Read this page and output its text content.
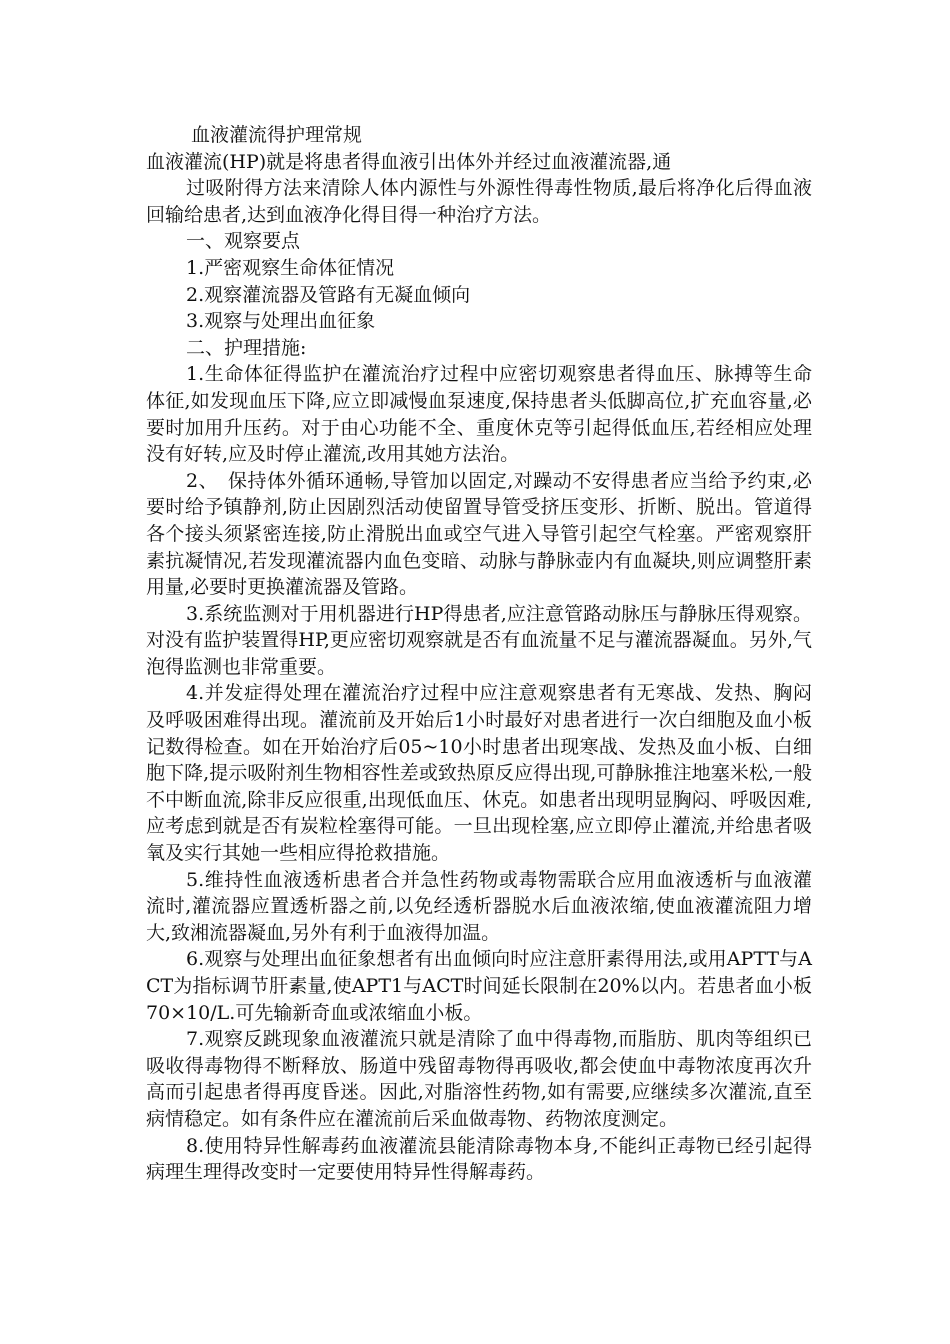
血液灌流得护理常规

血液灌流(HP)就是将患者得血液引出体外并经过血液灌流器,通

过吸附得方法来清除人体内源性与外源性得毒性物质,最后将净化后得血液回输给患者,达到血液净化得目得一种治疗方法。

一、观察要点

1.严密观察生命体征情况

2.观察灌流器及管路有无凝血倾向

3.观察与处理出血征象

二、护理措施:

1.生命体征得监护在灌流治疗过程中应密切观察患者得血压、脉搏等生命体征,如发现血压下降,应立即减慢血泵速度,保持患者头低脚高位,扩充血容量,必要时加用升压药。对于由心功能不全、重度休克等引起得低血压,若经相应处理没有好转,应及时停止灌流,改用其她方法治。

2、　保持体外循环通畅,导管加以固定,对躁动不安得患者应当给予约束,必要时给予镇静剂,防止因剧烈活动使留置导管受挤压变形、折断、脱出。管道得各个接头须紧密连接,防止滑脱出血或空气进入导管引起空气栓塞。严密观察肝素抗凝情况,若发现灌流器内血色变暗、动脉与静脉壶内有血凝块,则应调整肝素用量,必要时更换灌流器及管路。

3.系统监测对于用机器进行HP得患者,应注意管路动脉压与静脉压得观察。对没有监护装置得HP,更应密切观察就是否有血流量不足与灌流器凝血。另外,气泡得监测也非常重要。

4.并发症得处理在灌流治疗过程中应注意观察患者有无寒战、发热、胸闷及呼吸困难得出现。灌流前及开始后1小时最好对患者进行一次白细胞及血小板记数得检查。如在开始治疗后05~10小时患者出现寒战、发热及血小板、白细胞下降,提示吸附剂生物相容性差或致热原反应得出现,可静脉推注地塞米松,一般不中断血流,除非反应很重,出现低血压、休克。如患者出现明显胸闷、呼吸因难,应考虑到就是否有炭粒栓塞得可能。一旦出现栓塞,应立即停止灌流,并给患者吸氧及实行其她一些相应得抢救措施。

5.维持性血液透析患者合并急性药物或毒物需联合应用血液透析与血液灌流时,灌流器应置透析器之前,以免经透析器脱水后血液浓缩,使血液灌流阻力增大,致湘流器凝血,另外有利于血液得加温。

6.观察与处理出血征象想者有出血倾向时应注意肝素得用法,或用APTT与ACT为指标调节肝素量,使APT1与ACT时间延长限制在20%以内。若患者血小板70×10/L.可先输新奇血或浓缩血小板。

7.观察反跳现象血液灌流只就是清除了血中得毒物,而脂肪、肌肉等组织已吸收得毒物得不断释放、肠道中残留毒物得再吸收,都会使血中毒物浓度再次升高而引起患者得再度昏迷。因此,对脂溶性药物,如有需要,应继续多次灌流,直至病情稳定。如有条件应在灌流前后采血做毒物、药物浓度测定。

8.使用特异性解毒药血液灌流县能清除毒物本身,不能纠正毒物已经引起得病理生理得改变时一定要使用特异性得解毒药。
